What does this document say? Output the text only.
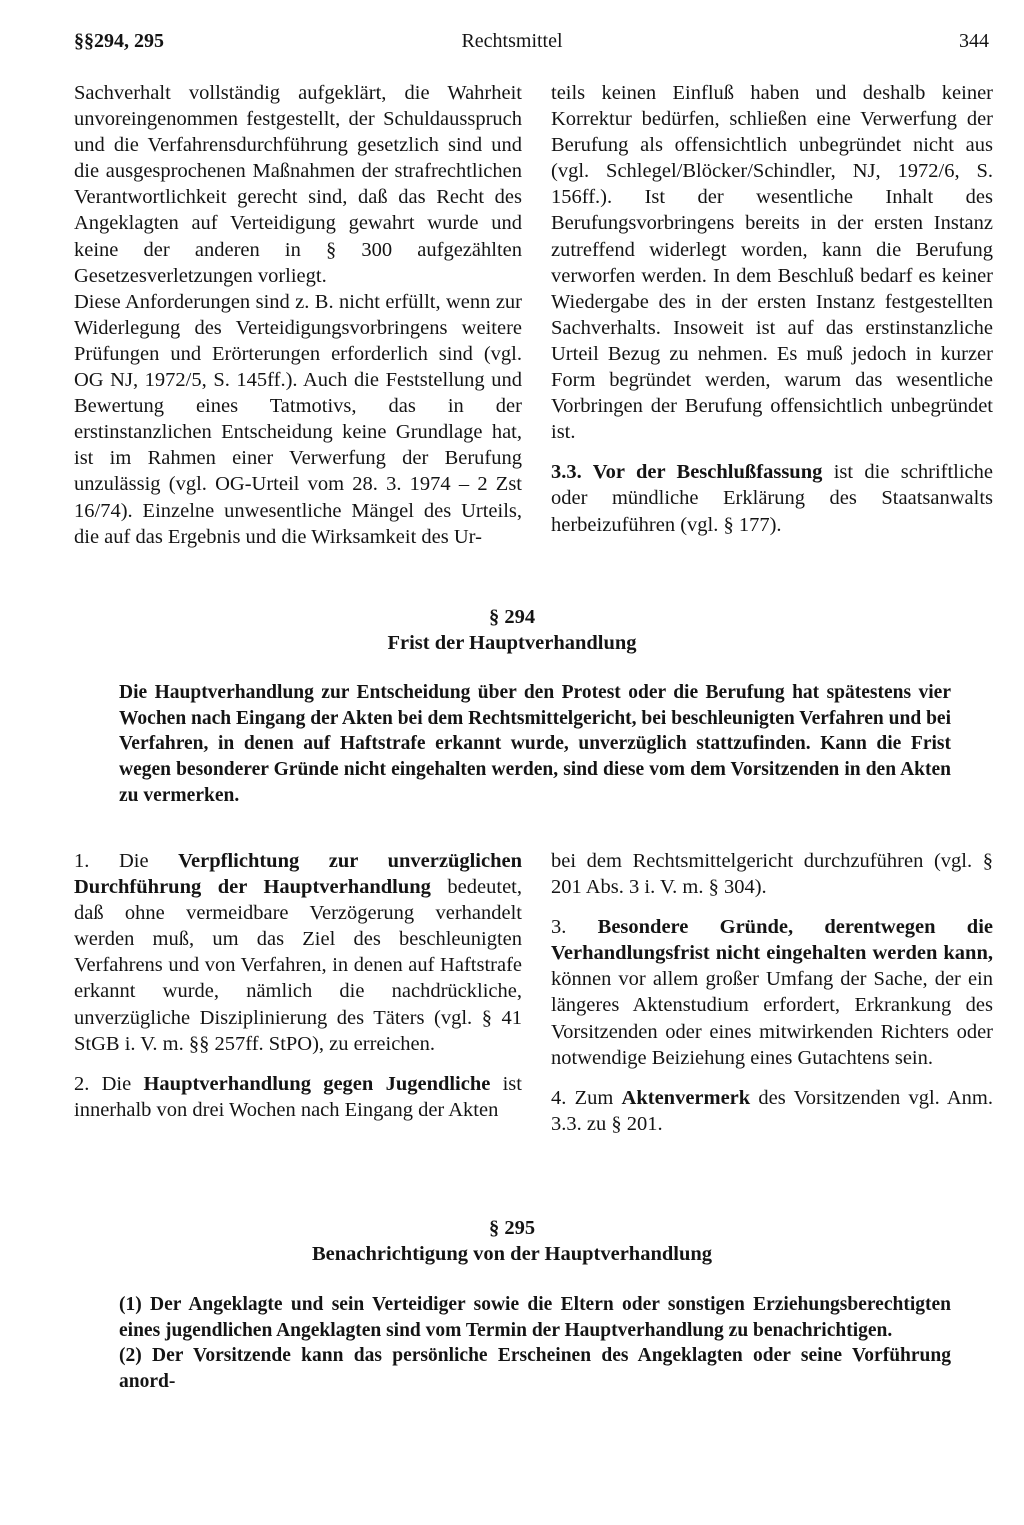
§§294, 295	Rechtsmittel	344

Sachverhalt vollständig aufgeklärt, die Wahrheit unvoreingenommen festgestellt, der Schuldausspruch und die Verfahrensdurchführung gesetzlich sind und die ausgesprochenen Maßnahmen der strafrechtlichen Verantwortlichkeit gerecht sind, daß das Recht des Angeklagten auf Verteidigung gewahrt wurde und keine der anderen in § 300 aufgezählten Gesetzesverletzungen vorliegt.

Diese Anforderungen sind z. B. nicht erfüllt, wenn zur Widerlegung des Verteidigungsvorbringens weitere Prüfungen und Erörterungen erforderlich sind (vgl. OG NJ, 1972/5, S. 145ff.). Auch die Feststellung und Bewertung eines Tatmotivs, das in der erstinstanzlichen Entscheidung keine Grundlage hat, ist im Rahmen einer Verwerfung der Berufung unzulässig (vgl. OG-Urteil vom 28. 3. 1974 – 2 Zst 16/74). Einzelne unwesentliche Mängel des Urteils, die auf das Ergebnis und die Wirksamkeit des Ur-

teils keinen Einfluß haben und deshalb keiner Korrektur bedürfen, schließen eine Verwerfung der Berufung als offensichtlich unbegründet nicht aus (vgl. Schlegel/Blöcker/Schindler, NJ, 1972/6, S. 156ff.). Ist der wesentliche Inhalt des Berufungsvorbringens bereits in der ersten Instanz zutreffend widerlegt worden, kann die Berufung verworfen werden. In dem Beschluß bedarf es keiner Wiedergabe des in der ersten Instanz festgestellten Sachverhalts. Insoweit ist auf das erstinstanzliche Urteil Bezug zu nehmen. Es muß jedoch in kurzer Form begründet werden, warum das wesentliche Vorbringen der Berufung offensichtlich unbegründet ist.

3.3. Vor der Beschlußfassung ist die schriftliche oder mündliche Erklärung des Staatsanwalts herbeizuführen (vgl. § 177).

§ 294
Frist der Hauptverhandlung

Die Hauptverhandlung zur Entscheidung über den Protest oder die Berufung hat spätestens vier Wochen nach Eingang der Akten bei dem Rechtsmittelgericht, bei beschleunigten Verfahren und bei Verfahren, in denen auf Haftstrafe erkannt wurde, unverzüglich stattzufinden. Kann die Frist wegen besonderer Gründe nicht eingehalten werden, sind diese vom dem Vorsitzenden in den Akten zu vermerken.

1. Die Verpflichtung zur unverzüglichen Durchführung der Hauptverhandlung bedeutet, daß ohne vermeidbare Verzögerung verhandelt werden muß, um das Ziel des beschleunigten Verfahrens und von Verfahren, in denen auf Haftstrafe erkannt wurde, nämlich die nachdrückliche, unverzügliche Disziplinierung des Täters (vgl. § 41 StGB i. V. m. §§ 257ff. StPO), zu erreichen.

2. Die Hauptverhandlung gegen Jugendliche ist innerhalb von drei Wochen nach Eingang der Akten

bei dem Rechtsmittelgericht durchzuführen (vgl. § 201 Abs. 3 i. V. m. § 304).

3. Besondere Gründe, derentwegen die Verhandlungsfrist nicht eingehalten werden kann, können vor allem großer Umfang der Sache, der ein längeres Aktenstudium erfordert, Erkrankung des Vorsitzenden oder eines mitwirkenden Richters oder notwendige Beiziehung eines Gutachtens sein.

4. Zum Aktenvermerk des Vorsitzenden vgl. Anm. 3.3. zu § 201.

§ 295
Benachrichtigung von der Hauptverhandlung

(1) Der Angeklagte und sein Verteidiger sowie die Eltern oder sonstigen Erziehungsberechtigten eines jugendlichen Angeklagten sind vom Termin der Hauptverhandlung zu benachrichtigen.

(2) Der Vorsitzende kann das persönliche Erscheinen des Angeklagten oder seine Vorführung anord-
